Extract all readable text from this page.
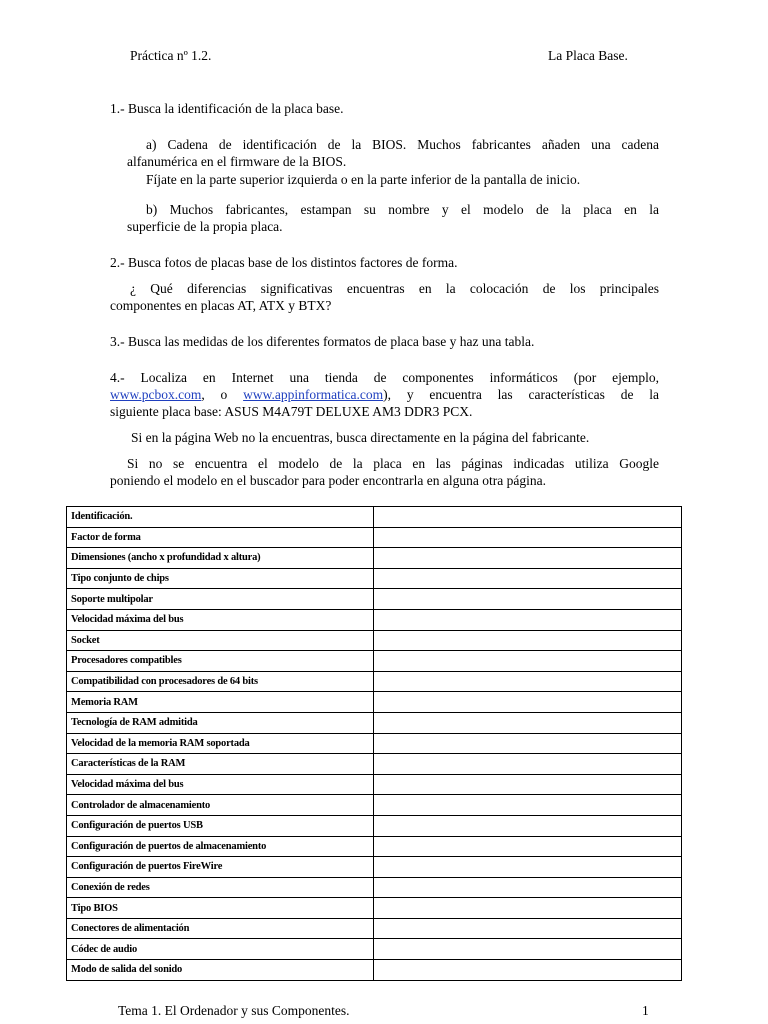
Práctica nº 1.2.	La Placa Base.
1.- Busca la identificación de la placa base.
a) Cadena de identificación de la BIOS. Muchos fabricantes añaden una cadena
alfanumérica en el firmware de la BIOS.
Fíjate en la parte superior izquierda o en la parte inferior de la pantalla de inicio.
b) Muchos fabricantes, estampan su nombre y el modelo de la placa en la
superficie de la propia placa.
2.- Busca fotos de placas base de los distintos factores de forma.
¿ Qué diferencias significativas encuentras en la colocación de los principales
componentes en placas AT, ATX y BTX?
3.- Busca las medidas de los diferentes formatos de placa base y haz una tabla.
4.- Localiza en Internet una tienda de componentes informáticos (por ejemplo,
www.pcbox.com, o www.appinformatica.com), y encuentra las características de la
siguiente placa base: ASUS M4A79T DELUXE AM3 DDR3 PCX.
Si en la página Web no la encuentras, busca directamente en la página del fabricante.
Si no se encuentra el modelo de la placa en las páginas indicadas utiliza Google
poniendo el modelo en el buscador para poder encontrarla en alguna otra página.
Identificación.	
Factor de forma	
Dimensiones (ancho x profundidad x altura)	
Tipo conjunto de chips	
Soporte multipolar	
Velocidad máxima del bus	
Socket	
Procesadores compatibles	
Compatibilidad con procesadores de 64 bits	
Memoria RAM	
Tecnología de RAM admitida	
Velocidad de la memoria RAM soportada	
Características de la RAM	
Velocidad máxima del bus	
Controlador de almacenamiento	
Configuración de puertos USB	
Configuración de puertos de almacenamiento	
Configuración de puertos FireWire	
Conexión de redes	
Tipo BIOS	
Conectores de alimentación	
Códec de audio	
Modo de salida del sonido	
Tema 1. El Ordenador y sus Componentes.	1
